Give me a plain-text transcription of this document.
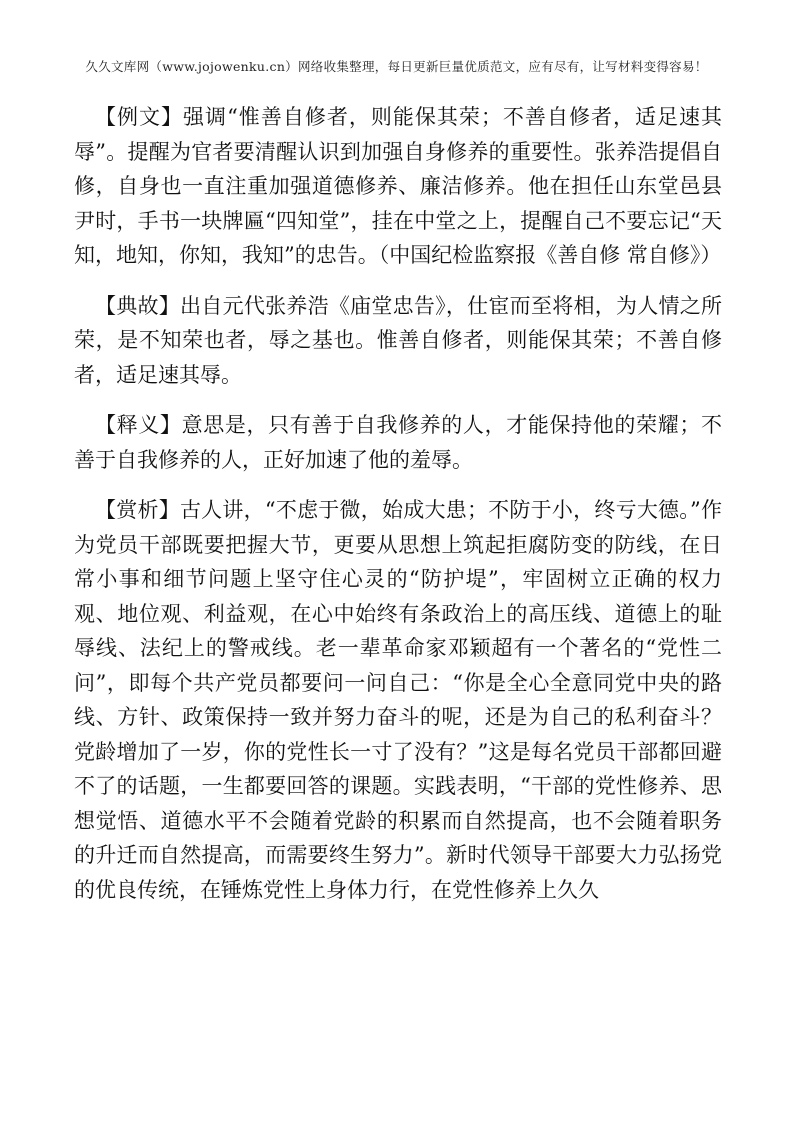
久久文库网（www.jojowenku.cn）网络收集整理，每日更新巨量优质范文，应有尽有，让写材料变得容易！

【例文】强调“惟善自修者，则能保其荣；不善自修者，适足速其辱”。提醒为官者要清醒认识到加强自身修养的重要性。张养浩提倡自修，自身也一直注重加强道德修养、廉洁修养。他在担任山东堂邑县尹时，手书一块牌匾“四知堂”，挂在中堂之上，提醒自己不要忘记“天知，地知，你知，我知”的忠告。（中国纪检监察报《善自修 常自修》）

【典故】出自元代张养浩《庙堂忠告》，仕宦而至将相，为人情之所荣，是不知荣也者，辱之基也。惟善自修者，则能保其荣；不善自修者，适足速其辱。

【释义】意思是，只有善于自我修养的人，才能保持他的荣耀；不善于自我修养的人，正好加速了他的羞辱。

【赏析】古人讲，“不虑于微，始成大患；不防于小，终亏大德。”作为党员干部既要把握大节，更要从思想上筑起拒腐防变的防线，在日常小事和细节问题上坚守住心灵的“防护堤”，牢固树立正确的权力观、地位观、利益观，在心中始终有条政治上的高压线、道德上的耻辱线、法纪上的警戒线。老一辈革命家邓颖超有一个著名的“党性二问”，即每个共产党员都要问一问自己：“你是全心全意同党中央的路线、方针、政策保持一致并努力奋斗的呢，还是为自己的私利奋斗？党龄增加了一岁，你的党性长一寸了没有？”这是每名党员干部都回避不了的话题，一生都要回答的课题。实践表明，“干部的党性修养、思想觉悟、道德水平不会随着党龄的积累而自然提高，也不会随着职务的升迁而自然提高，而需要终生努力”。新时代领导干部要大力弘扬党的优良传统，在锤炼党性上身体力行，在党性修养上久久
